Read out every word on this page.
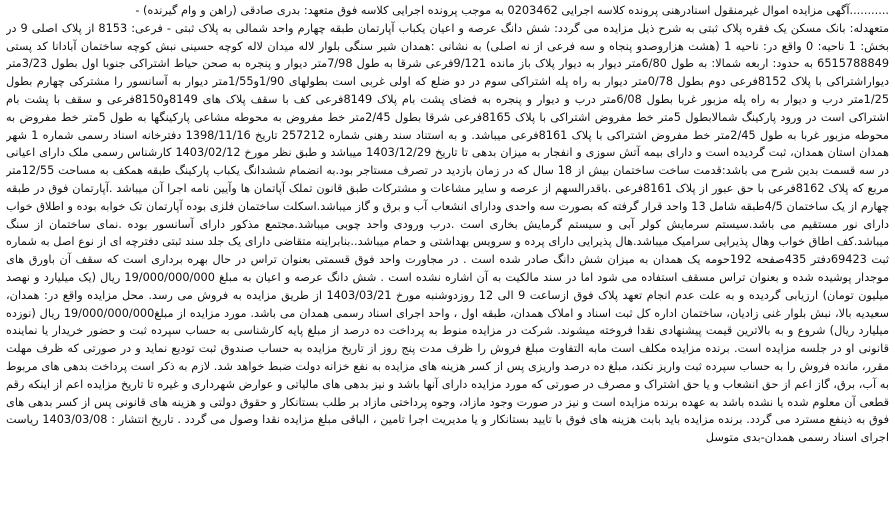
...........آگهی مزایده اموال غیرمنقول اسنادرهنی پرونده کلاسه اجرایی 0203462 به موجب پرونده اجرایی کلاسه فوق متعهد: بدری صادقی (راهن و وام گیرنده) -

متعهدله: بانک مسکن یک فقره پلاک ثبتی به شرح ذیل مزایده می گردد: شش دانگ عرصه و اعیان یکباب آپارتمان طبقه چهارم واحد شمالی به پلاک ثبتی - فرعی: 8153 از پلاک اصلی 9 در بخش: 1 ناحیه: 0 واقع در: ناحیه 1 (هشت هزاروصدو پنجاه و سه فرعی از نه اصلی) به نشانی :همدان شیر سنگی بلوار لاله میدان لاله کوچه حسینی نبش کوچه ساختمان آبادانا کد پستی 6515788849 به حدود: اربعه شمالا: به طول 6/80متر دیوار به دیوار پلاک باز مانده 9/121فرعی شرقا به طول 7/98متر دیوار و پنجره به صحن حیاط اشتراکی جنوبا اول بطول 3/23متر دیواراشتراکی با پلاک 8152فرعی دوم بطول 0/78متر دیوار به راه پله اشتراکی سوم در دو ضلع که اولی غربی است بطولهای 1/90و1/55متر دیوار به آسانسور را مشترکی چهارم بطول 1/25متر درب و دیوار به راه پله مزبور غربا بطول 6/08متر درب و دیوار و پنجره به فضای پشت بام پلاک 8149فرعی کف با سقف پلاک های 8149و8150فرعی و سقف با پشت بام اشتراکی است در ورود پارکینگ شمالابطول 5متر خط مفروض اشتراکی با پلاک 8165فرعی شرقا بطول 2/45متر خط مفروض به محوطه مشاعی پارکینگها به طول 5متر خط مفروض به محوطه مزبور غربا به طول 2/45متر خط مفروض اشتراکی با پلاک 8161فرعی میباشد. و به استناد سند رهنی شماره 257212 تاریخ 1398/11/16 دفترخانه اسناد رسمی شماره 1 شهر همدان استان همدان، ثبت گردیده است و دارای بیمه آتش سوزی و انفجار به میزان بدهی تا تاریخ 1403/12/29 میباشد و طبق نظر مورخ 1403/02/12 کارشناس رسمی ملک دارای اعیانی در سه قسمت بدین شرح می باشد:قدمت ساخت ساختمان بیش از 18 سال که در زمان بازدید در تصرف مستاجر بود.به انضمام ششدانگ یکباب پارکینگ طبقه همکف به مساحت 12/55متر مربع که پلاک 8162فرعی با حق عبور از پلاک 8161فرعی .باقدرالسهم از عرصه و سایر مشاعات و مشترکات طبق قانون تملک آپاتمان ها وآیین نامه اجرا آن میباشد .آپارتمان فوق در طبقه چهارم از یک ساختمان 4/5طبقه شامل 13 واحد قرار گرفته که بصورت سه واحدی ودارای انشعاب آب و برق و گاز میباشد.اسکلت ساختمان فلزی بوده آپارتمان تک خوابه بوده و اطلاق خواب دارای نور مستقیم می باشد.سیستم سرمایش کولر آبی و سیستم گرمایش بخاری است .درب ورودی واحد چوبی میباشد.مجتمع مذکور دارای آسانسور بوده .نمای ساختمان از سنگ میباشد.کف اطاق خواب وهال پذیرایی سرامیک میباشد.هال پذیرایی دارای پرده و سرویس بهداشتی و حمام میباشد..بنابراینه متقاضی دارای یک جلد سند ثبتی دفترچه ای از نوع اصل به شماره ثبت 69423دفتر 435صفحه 192حومه یک همدان به میزان شش دانگ صادر شده است . در مجاورت واحد فوق قسمتی بعنوان تراس در حال بهره برداری است که سقف آن باورق های موجدار پوشیده شده و بعنوان تراس مسقف استفاده می شود اما در سند مالکیت به آن اشاره نشده است . شش دانگ عرصه و اعیان به مبلغ 19/000/000/000 ریال (یک میلیارد و نهصد میلیون تومان) ارزیابی گردیده و به علت عدم انجام تعهد پلاک فوق ازساعت 9 الی 12 روزدوشنبه مورخ 1403/03/21 از طریق مزایده به فروش می رسد. محل مزایده واقع در: همدان، سعیدیه بالا، نبش بلوار غنی زادیان، ساختمان اداره کل ثبت اسناد و املاک همدان، طبقه اول ، واحد اجرای اسناد رسمی همدان می باشد. مورد مزایده از مبلغ19/000/000/000 ریال (نوزده میلیارد ریال) شروع و به بالاترین قیمت پیشنهادی نقدا فروخته میشوند. شرکت در مزایده منوط به پرداخت ده درصد از مبلغ پایه کارشناسی به حساب سپرده ثبت و حضور خریدار یا نماینده قانونی او در جلسه مزایده است. برنده مزایده مکلف است مابه التفاوت مبلغ فروش را ظرف مدت پنج روز از تاریخ مزایده به حساب صندوق ثبت تودیع نماید و در صورتی که ظرف مهلت مقرر، مانده فروش را به حساب سپرده ثبت واریز نکند، مبلغ ده درصد واریزی پس از کسر هزینه های مزایده به نفع خزانه دولت ضبط خواهد شد. لازم به ذکر است پرداخت بدهی های مربوط به آب، برق، گاز اعم از حق انشعاب و یا حق اشتراک و مصرف در صورتی که مورد مزایده دارای آنها باشد و نیز بدهی های مالیاتی و عوارض شهرداری و غیره تا تاریخ مزایده اعم از اینکه رقم قطعی آن معلوم شده یا نشده باشد به عهده برنده مزایده است و نیز در صورت وجود مازاد، وجوه پرداختی مازاد بر طلب بستانکار و حقوق دولتی و هزینه های قانونی پس از کسر بدهی های فوق به ذینفع مسترد می گردد. برنده مزایده باید بابت هزینه های فوق با تایید بستانکار و یا مدیریت اجرا تامین ، الباقی مبلغ مزایده نقدا وصول می گردد . تاریخ انتشار : 1403/03/08 ریاست اجرای اسناد رسمی همدان-بدی متوسل
